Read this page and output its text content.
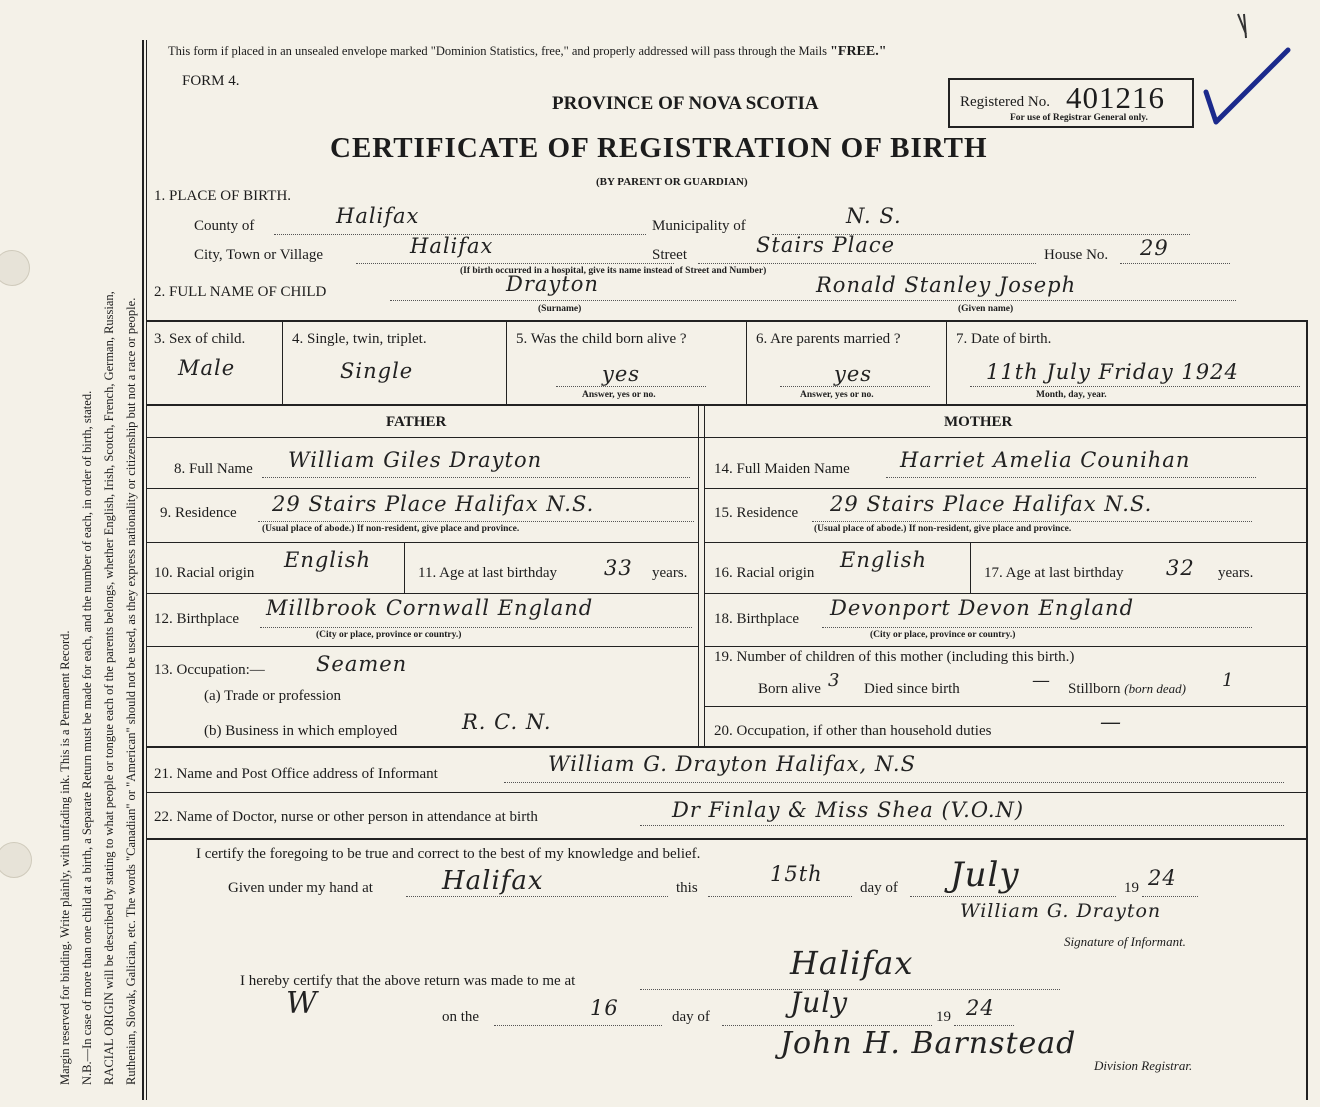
Margin reserved for binding. Write plainly, with unfading ink. This is a Permanent Record. N.B.—In case of more than one child at a birth, a Separate Return must be made for each, and the number of each, in order of birth, stated. RACIAL ORIGIN will be described by stating to what people or tongue each of the parents belongs, whether English, Irish, Scotch, French, German, Russian, Ruthenian, Slovak, Galician, etc. The words "Canadian" or "American" should not be used, as they express nationality or citizenship but not a race or people.
This form if placed in an unsealed envelope marked "Dominion Statistics, free," and properly addressed will pass through the Mails "FREE."
FORM 4.
PROVINCE OF NOVA SCOTIA	Registered No. 401216
For use of Registrar General only.
CERTIFICATE OF REGISTRATION OF BIRTH
(BY PARENT OR GUARDIAN)
1. PLACE OF BIRTH.
County of	Halifax	Municipality of	N. S.
City, Town or Village	Halifax	Street	Stairs Place	House No. 29
(If birth occurred in a hospital, give its name instead of Street and Number)
2. FULL NAME OF CHILD	Drayton	Ronald Stanley Joseph
(Surname)	(Given name)
3. Sex of child.
Male
4. Single, twin, triplet.
Single
5. Was the child born alive ?
yes
Answer, yes or no.
6. Are parents married ?
yes
Answer, yes or no.
7. Date of birth.
11th July Friday 1924
Month, day, year.
FATHER	MOTHER
8. Full Name William Giles Drayton
9. Residence 29 Stairs Place Halifax N.S.
(Usual place of abode.) If non-resident, give place and province.
10. Racial origin
English
11. Age at last birthday 33 years.
12. Birthplace Millbrook Cornwall England
(City or place, province or country.)
13. Occupation:— Seamen
(a) Trade or profession
(b) Business in which employed	R. C. N.
14. Full Maiden Name Harriet Amelia Counihan
15. Residence 29 Stairs Place Halifax N.S.
(Usual place of abode.) If non-resident, give place and province.
16. Racial origin
English
17. Age at last birthday 32 years.
18. Birthplace Devonport Devon England
(City or place, province or country.)
19. Number of children of this mother (including this birth.)
Born alive 3 Died since birth	— Stillborn (born dead) 1
20. Occupation, if other than household duties	—
21. Name and Post Office address of Informant	William G. Drayton Halifax, N.S
22. Name of Doctor, nurse or other person in attendance at birth	Dr Finlay & Miss Shea (V.O.N)
I certify the foregoing to be true and correct to the best of my knowledge and belief.
Given under my hand at	Halifax	this
15th
day of July	19 24
William G. Drayton
Signature of Informant.
I hereby certify that the above return was made to me at	Halifax
W	on the	16	day of	July	19 24
John H. Barnstead
Division Registrar.
